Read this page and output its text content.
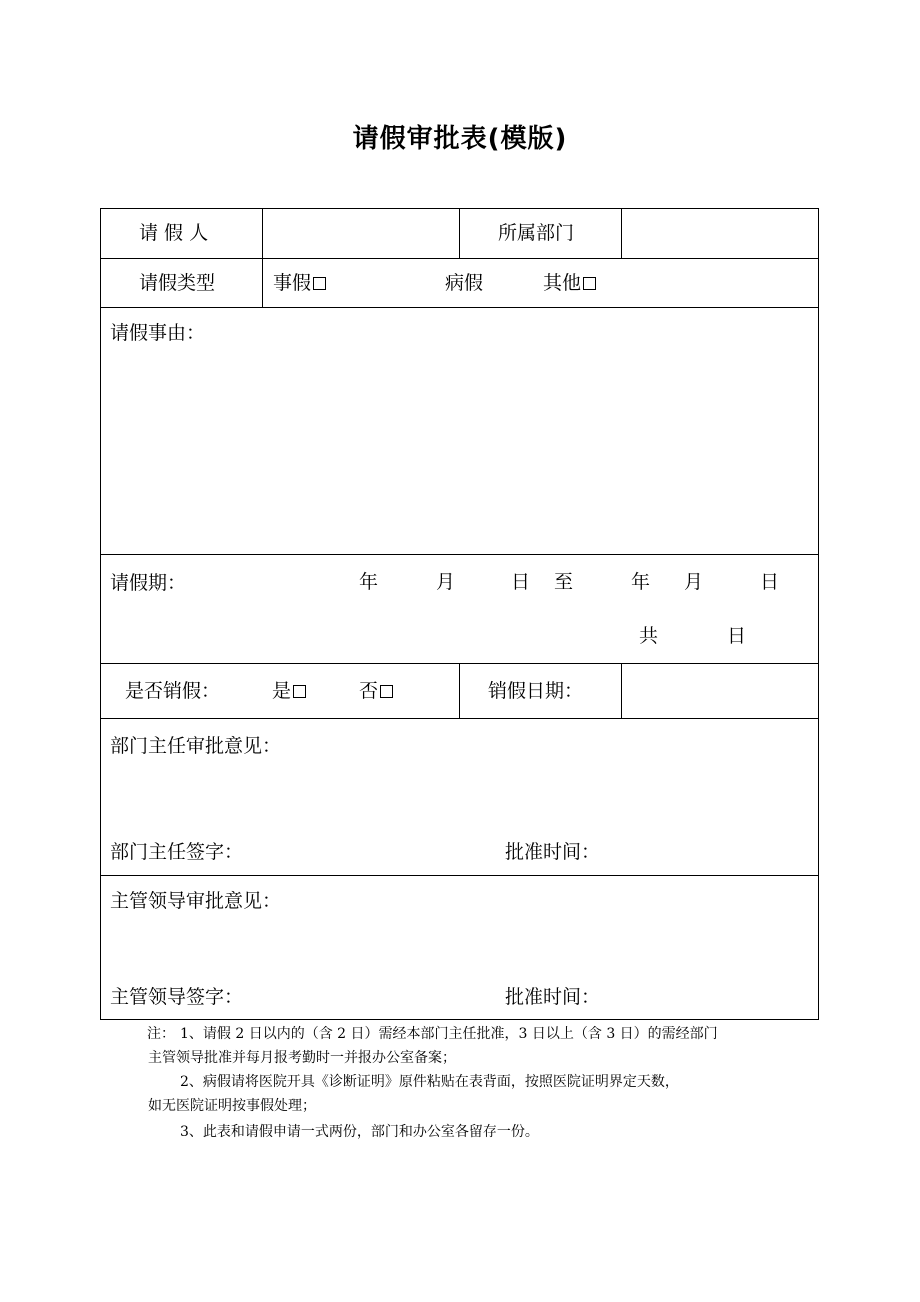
请假审批表(模版)
请 假 人	所属部门
请假类型	事假	病假	其他
请假事由：
请假期：	年	月	日 至	年 月	日
共	日
是否销假：	是	否	销假日期：
部门主任审批意见：
部门主任签字：	批准时间：
主管领导审批意见：
主管领导签字：	批准时间：
注： 1、请假 2 日以内的（含 2 日）需经本部门主任批准，3 日以上（含 3 日）的需经部门
主管领导批准并每月报考勤时一并报办公室备案；
2、病假请将医院开具《诊断证明》原件粘贴在表背面，按照医院证明界定天数，
如无医院证明按事假处理；
3、此表和请假申请一式两份，部门和办公室各留存一份。
